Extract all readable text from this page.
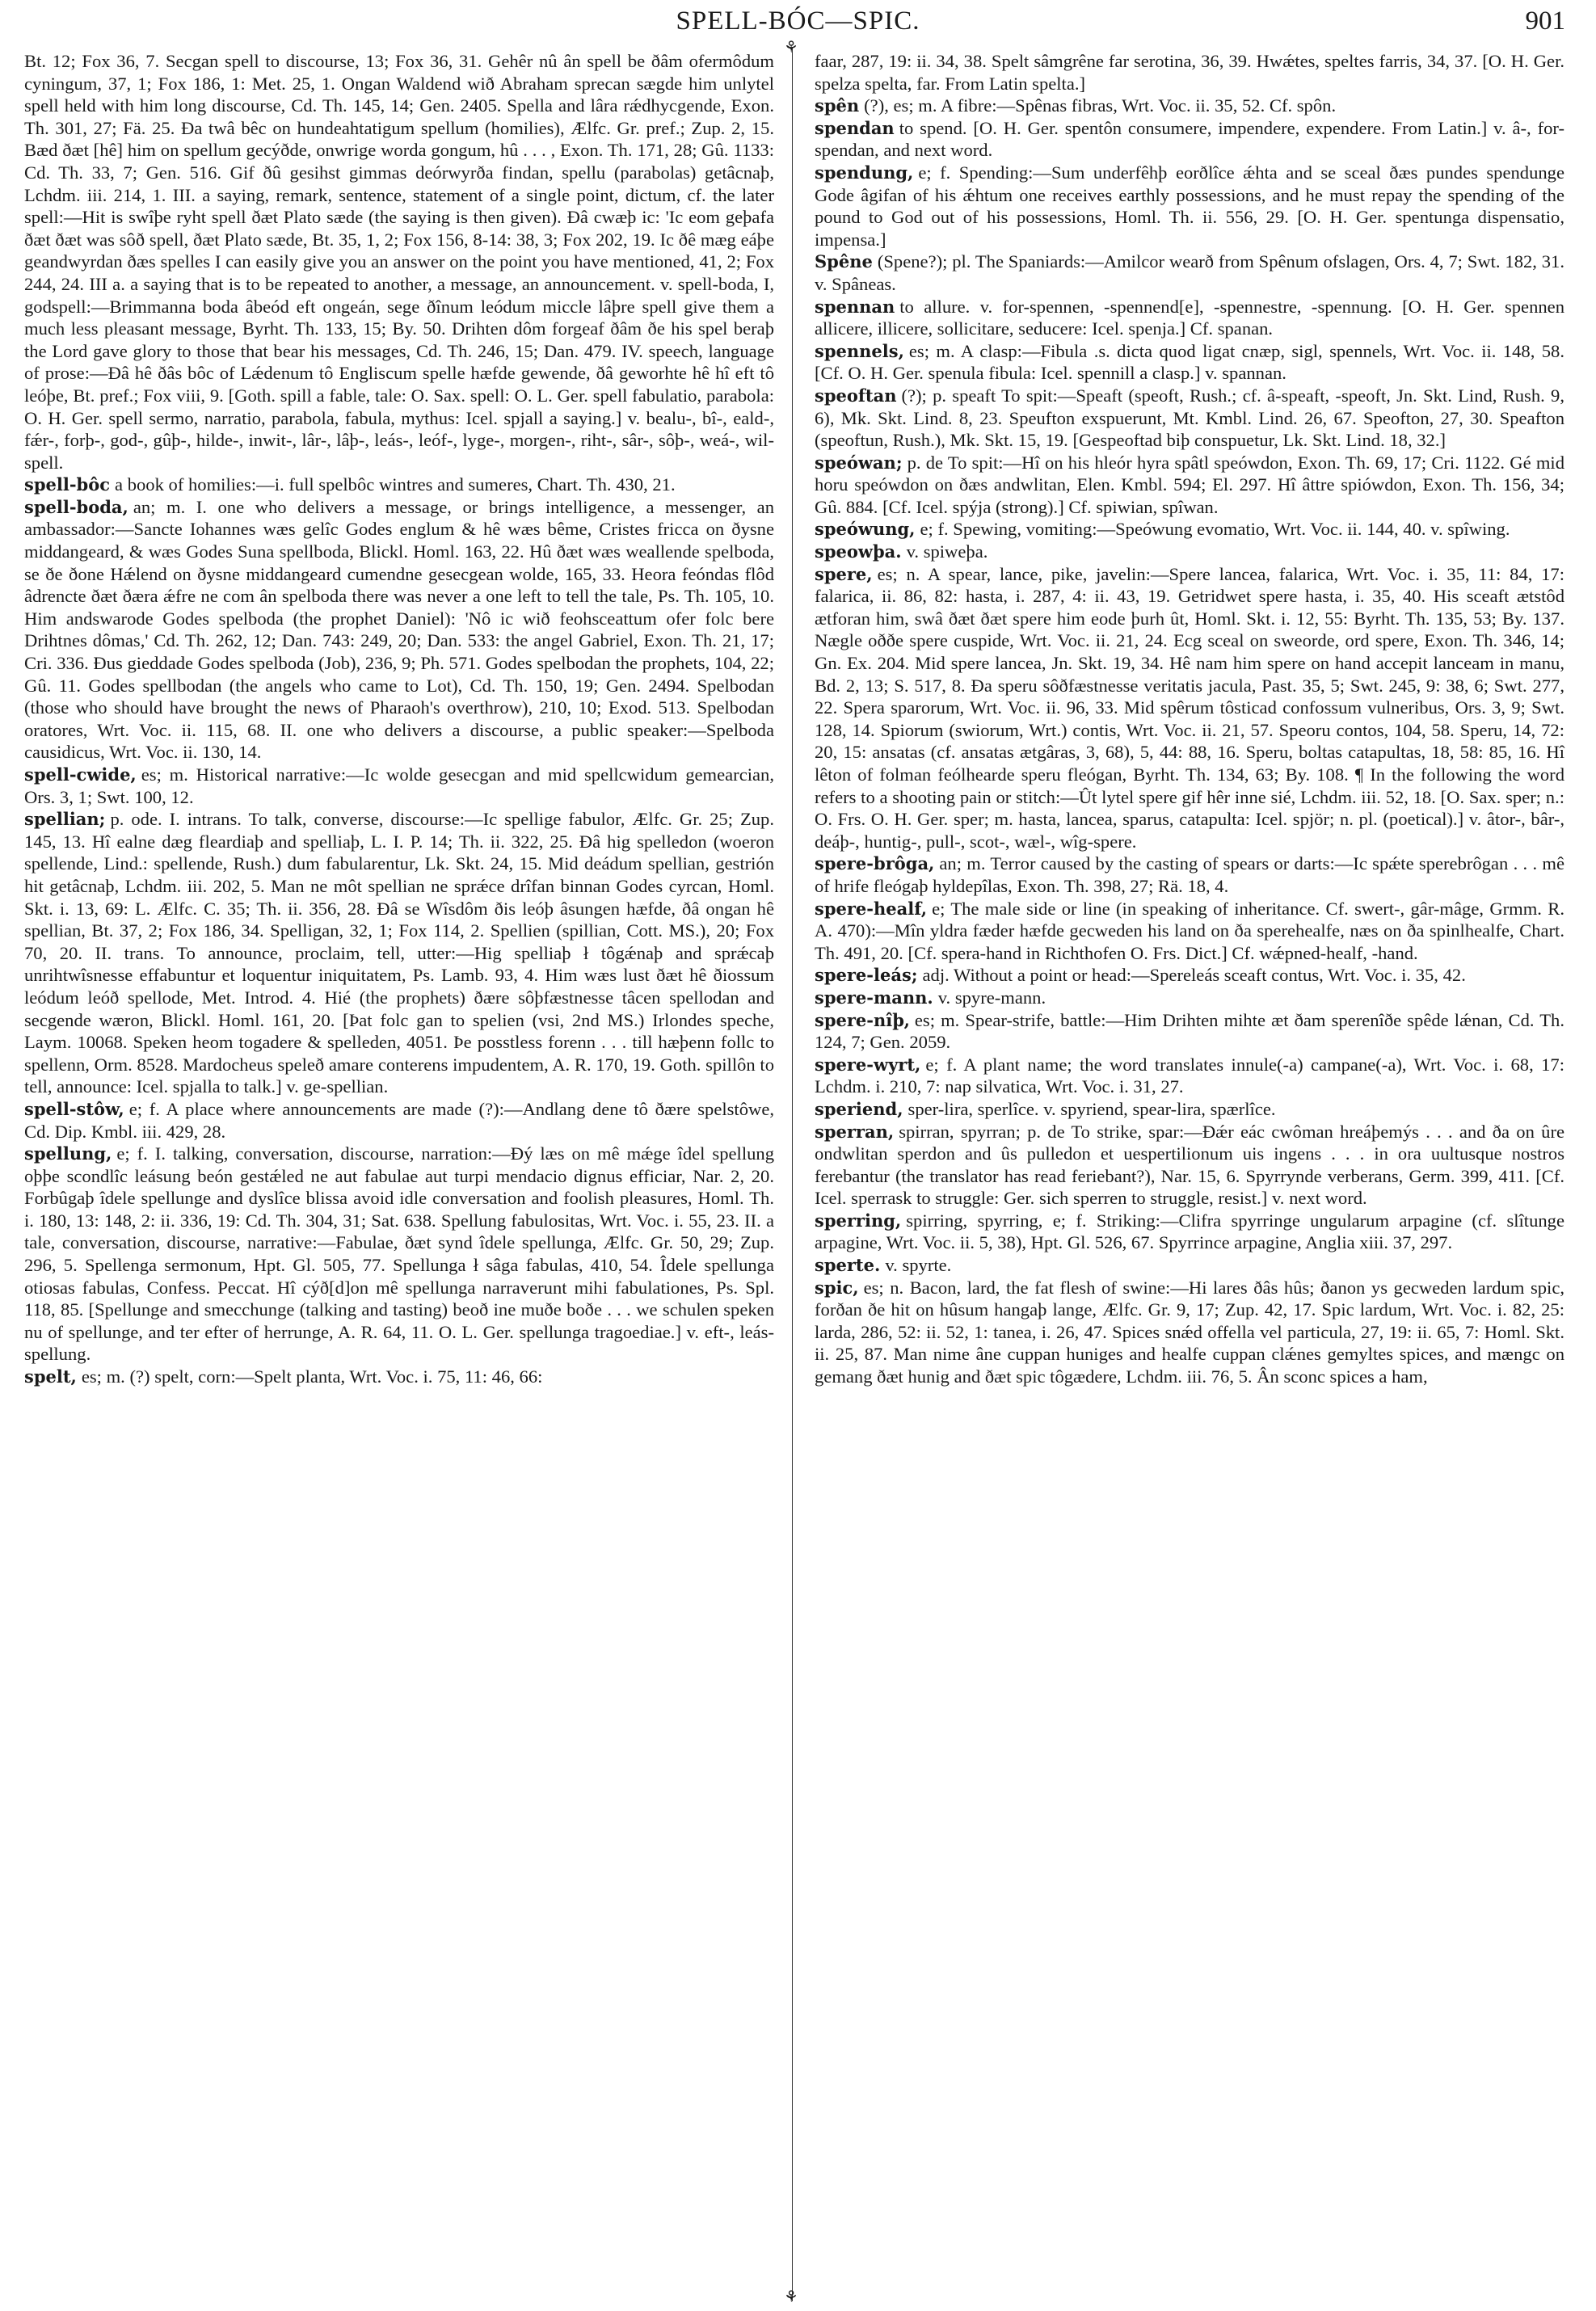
SPELL-BÓC—SPIC.	901

Bt. 12; Fox 36, 7. Secgan spell to discourse, 13; Fox 36, 31. Gehêr nû ân spell be ðâm ofermôdum cyningum, 37, 1; Fox 186, 1: Met. 25, 1. Ongan Waldend wið Abraham sprecan sægde him unlytel spell held with him long discourse, Cd. Th. 145, 14; Gen. 2405. Spella and lâra rǽdhycgende, Exon. Th. 301, 27; Fä. 25. Ða twâ bêc on hundeahtatigum spellum (homilies), Ælfc. Gr. pref.; Zup. 2, 15. Bæd ðæt [hê] him on spellum gecýðde, onwrige worda gongum, hû . . . , Exon. Th. 171, 28; Gû. 1133: Cd. Th. 33, 7; Gen. 516. Gif ðû gesihst gimmas deórwyrða findan, spellu (parabolas) getâcnaþ, Lchdm. iii. 214, 1. III. a saying, remark, sentence, statement of a single point, dictum, cf. the later spell:—Hit is swîþe ryht spell ðæt Plato sæde (the saying is then given). Ðâ cwæþ ic: 'Ic eom geþafa ðæt ðæt was sôð spell, ðæt Plato sæde, Bt. 35, 1, 2; Fox 156, 8-14: 38, 3; Fox 202, 19. Ic ðê mæg eáþe geandwyrdan ðæs spelles I can easily give you an answer on the point you have mentioned, 41, 2; Fox 244, 24. III a. a saying that is to be repeated to another, a message, an announcement. v. spell-boda, I, godspell:—Brimmanna boda âbeód eft ongeán, sege ðînum leódum miccle lâþre spell give them a much less pleasant message, Byrht. Th. 133, 15; By. 50. Drihten dôm forgeaf ðâm ðe his spel beraþ the Lord gave glory to those that bear his messages, Cd. Th. 246, 15; Dan. 479. IV. speech, language of prose:—Ðâ hê ðâs bôc of Lǽdenum tô Engliscum spelle hæfde gewende, ðâ geworhte hê hî eft tô leóþe, Bt. pref.; Fox viii, 9. [Goth. spill a fable, tale: O. Sax. spell: O. L. Ger. spell fabulatio, parabola: O. H. Ger. spell sermo, narratio, parabola, fabula, mythus: Icel. spjall a saying.] v. bealu-, bî-, eald-, fǽr-, forþ-, god-, gûþ-, hilde-, inwit-, lâr-, lâþ-, leás-, leóf-, lyge-, morgen-, riht-, sâr-, sôþ-, weá-, wil-spell.

spell-bôc a book of homilies:—i. full spelbôc wintres and sumeres, Chart. Th. 430, 21.

spell-boda, an; m. I. one who delivers a message, or brings intelligence, a messenger, an ambassador:—Sancte Iohannes wæs gelîc Godes englum & hê wæs bême, Cristes fricca on ðysne middangeard, & wæs Godes Suna spellboda, Blickl. Homl. 163, 22. Hû ðæt wæs weallende spelboda, se ðe ðone Hǽlend on ðysne middangeard cumendne gesecgean wolde, 165, 33. Heora feóndas flôd âdrencte ðæt ðæra ǽfre ne com ân spelboda there was never a one left to tell the tale, Ps. Th. 105, 10. Him andswarode Godes spelboda (the prophet Daniel): 'Nô ic wið feohsceattum ofer folc bere Drihtnes dômas,' Cd. Th. 262, 12; Dan. 743: 249, 20; Dan. 533: the angel Gabriel, Exon. Th. 21, 17; Cri. 336. Ðus gieddade Godes spelboda (Job), 236, 9; Ph. 571. Godes spelbodan the prophets, 104, 22; Gû. 11. Godes spellbodan (the angels who came to Lot), Cd. Th. 150, 19; Gen. 2494. Spelbodan (those who should have brought the news of Pharaoh's overthrow), 210, 10; Exod. 513. Spelbodan oratores, Wrt. Voc. ii. 115, 68. II. one who delivers a discourse, a public speaker:—Spelboda causidicus, Wrt. Voc. ii. 130, 14.

spell-cwide, es; m. Historical narrative:—Ic wolde gesecgan and mid spellcwidum gemearcian, Ors. 3, 1; Swt. 100, 12.

spellian; p. ode. I. intrans. To talk, converse, discourse:—Ic spellige fabulor, Ælfc. Gr. 25; Zup. 145, 13. Hî ealne dæg fleardiaþ and spelliaþ, L. I. P. 14; Th. ii. 322, 25. Ðâ hig spelledon (woeron spellende, Lind.: spellende, Rush.) dum fabularentur, Lk. Skt. 24, 15. Mid deádum spellian, gestrión hit getâcnaþ, Lchdm. iii. 202, 5. Man ne môt spellian ne sprǽce drîfan binnan Godes cyrcan, Homl. Skt. i. 13, 69: L. Ælfc. C. 35; Th. ii. 356, 28. Ðâ se Wîsdôm ðis leóþ âsungen hæfde, ðâ ongan hê spellian, Bt. 37, 2; Fox 186, 34. Spelligan, 32, 1; Fox 114, 2. Spellien (spillian, Cott. MS.), 20; Fox 70, 20. II. trans. To announce, proclaim, tell, utter:—Hig spelliaþ ł tôgǽnaþ and sprǽcaþ unrihtwîsnesse effabuntur et loquentur iniquitatem, Ps. Lamb. 93, 4. Him wæs lust ðæt hê ðiossum leódum leóð spellode, Met. Introd. 4. Hié (the prophets) ðære sôþfæstnesse tâcen spellodan and secgende wæron, Blickl. Homl. 161, 20. [Þat folc gan to spelien (vsi, 2nd MS.) Irlondes speche, Laym. 10068. Speken heom togadere & spelleden, 4051. Þe posstless forenn . . . till hæþenn follc to spellenn, Orm. 8528. Mardocheus speleð amare conterens impudentem, A. R. 170, 19. Goth. spillôn to tell, announce: Icel. spjalla to talk.] v. ge-spellian.

spell-stôw, e; f. A place where announcements are made (?):—Andlang dene tô ðære spelstôwe, Cd. Dip. Kmbl. iii. 429, 28.

spellung, e; f. I. talking, conversation, discourse, narration:—Ðý læs on mê mǽge îdel spellung oþþe scondlîc leásung beón gestǽled ne aut fabulae aut turpi mendacio dignus efficiar, Nar. 2, 20. Forbûgaþ îdele spellunge and dyslîce blissa avoid idle conversation and foolish pleasures, Homl. Th. i. 180, 13: 148, 2: ii. 336, 19: Cd. Th. 304, 31; Sat. 638. Spellung fabulositas, Wrt. Voc. i. 55, 23. II. a tale, conversation, discourse, narrative:—Fabulae, ðæt synd îdele spellunga, Ælfc. Gr. 50, 29; Zup. 296, 5. Spellenga sermonum, Hpt. Gl. 505, 77. Spellunga ł sâga fabulas, 410, 54. Îdele spellunga otiosas fabulas, Confess. Peccat. Hî cýð[d]on mê spellunga narraverunt mihi fabulationes, Ps. Spl. 118, 85. [Spellunge and smecchunge (talking and tasting) beoð ine muðe boðe . . . we schulen speken nu of spellunge, and ter efter of herrunge, A. R. 64, 11. O. L. Ger. spellunga tragoediae.] v. eft-, leás-spellung.

spelt, es; m. (?) spelt, corn:—Spelt planta, Wrt. Voc. i. 75, 11: 46, 66:

⚘
⚘

faar, 287, 19: ii. 34, 38. Spelt sâmgrêne far serotina, 36, 39. Hwǽtes, speltes farris, 34, 37. [O. H. Ger. spelza spelta, far. From Latin spelta.]

spên (?), es; m. A fibre:—Spênas fibras, Wrt. Voc. ii. 35, 52. Cf. spôn.

spendan to spend. [O. H. Ger. spentôn consumere, impendere, expendere. From Latin.] v. â-, for-spendan, and next word.

spendung, e; f. Spending:—Sum underfêhþ eorðlîce ǽhta and se sceal ðæs pundes spendunge Gode âgifan of his ǽhtum one receives earthly possessions, and he must repay the spending of the pound to God out of his possessions, Homl. Th. ii. 556, 29. [O. H. Ger. spentunga dispensatio, impensa.]

Spêne (Spene?); pl. The Spaniards:—Amilcor wearð from Spênum ofslagen, Ors. 4, 7; Swt. 182, 31. v. Spâneas.

spennan to allure. v. for-spennen, -spennend[e], -spennestre, -spennung. [O. H. Ger. spennen allicere, illicere, sollicitare, seducere: Icel. spenja.] Cf. spanan.

spennels, es; m. A clasp:—Fibula .s. dicta quod ligat cnæp, sigl, spennels, Wrt. Voc. ii. 148, 58. [Cf. O. H. Ger. spenula fibula: Icel. spennill a clasp.] v. spannan.

speoftan (?); p. speaft To spit:—Speaft (speoft, Rush.; cf. â-speaft, -speoft, Jn. Skt. Lind, Rush. 9, 6), Mk. Skt. Lind. 8, 23. Speufton exspuerunt, Mt. Kmbl. Lind. 26, 67. Speofton, 27, 30. Speafton (speoftun, Rush.), Mk. Skt. 15, 19. [Gespeoftad biþ conspuetur, Lk. Skt. Lind. 18, 32.]

speówan; p. de To spit:—Hî on his hleór hyra spâtl speówdon, Exon. Th. 69, 17; Cri. 1122. Gé mid horu speówdon on ðæs andwlitan, Elen. Kmbl. 594; El. 297. Hî âttre spiówdon, Exon. Th. 156, 34; Gû. 884. [Cf. Icel. spýja (strong).] Cf. spiwian, spîwan.

speówung, e; f. Spewing, vomiting:—Speówung evomatio, Wrt. Voc. ii. 144, 40. v. spîwing.

speowþa. v. spiweþa.

spere, es; n. A spear, lance, pike, javelin:—Spere lancea, falarica, Wrt. Voc. i. 35, 11: 84, 17: falarica, ii. 86, 82: hasta, i. 287, 4: ii. 43, 19. Getridwet spere hasta, i. 35, 40. His sceaft ætstôd ætforan him, swâ ðæt ðæt spere him eode þurh ût, Homl. Skt. i. 12, 55: Byrht. Th. 135, 53; By. 137. Nægle oððe spere cuspide, Wrt. Voc. ii. 21, 24. Ecg sceal on sweorde, ord spere, Exon. Th. 346, 14; Gn. Ex. 204. Mid spere lancea, Jn. Skt. 19, 34. Hê nam him spere on hand accepit lanceam in manu, Bd. 2, 13; S. 517, 8. Ða speru sôðfæstnesse veritatis jacula, Past. 35, 5; Swt. 245, 9: 38, 6; Swt. 277, 22. Spera sparorum, Wrt. Voc. ii. 96, 33. Mid spêrum tôsticad confossum vulneribus, Ors. 3, 9; Swt. 128, 14. Spiorum (swiorum, Wrt.) contis, Wrt. Voc. ii. 21, 57. Speoru contos, 104, 58. Speru, 14, 72: 20, 15: ansatas (cf. ansatas ætgâras, 3, 68), 5, 44: 88, 16. Speru, boltas catapultas, 18, 58: 85, 16. Hî lêton of folman feólhearde speru fleógan, Byrht. Th. 134, 63; By. 108. ¶ In the following the word refers to a shooting pain or stitch:—Ût lytel spere gif hêr inne sié, Lchdm. iii. 52, 18. [O. Sax. sper; n.: O. Frs. O. H. Ger. sper; m. hasta, lancea, sparus, catapulta: Icel. spjör; n. pl. (poetical).] v. âtor-, bâr-, deáþ-, huntig-, pull-, scot-, wæl-, wîg-spere.

spere-brôga, an; m. Terror caused by the casting of spears or darts:—Ic spǽte sperebrôgan . . . mê of hrife fleógaþ hyldepîlas, Exon. Th. 398, 27; Rä. 18, 4.

spere-healf, e; The male side or line (in speaking of inheritance. Cf. swert-, gâr-mâge, Grmm. R. A. 470):—Mîn yldra fæder hæfde gecweden his land on ða sperehealfe, næs on ða spinlhealfe, Chart. Th. 491, 20. [Cf. spera-hand in Richthofen O. Frs. Dict.] Cf. wǽpned-healf, -hand.

spere-leás; adj. Without a point or head:—Spereleás sceaft contus, Wrt. Voc. i. 35, 42.

spere-mann. v. spyre-mann.

spere-nîþ, es; m. Spear-strife, battle:—Him Drihten mihte æt ðam sperenîðe spêde lǽnan, Cd. Th. 124, 7; Gen. 2059.

spere-wyrt, e; f. A plant name; the word translates innule(-a) campane(-a), Wrt. Voc. i. 68, 17: Lchdm. i. 210, 7: nap silvatica, Wrt. Voc. i. 31, 27.

speriend, sper-lira, sperlîce. v. spyriend, spear-lira, spærlîce.

sperran, spirran, spyrran; p. de To strike, spar:—Ðǽr eác cwôman hreáþemýs . . . and ða on ûre ondwlitan sperdon and ûs pulledon et uespertilionum uis ingens . . . in ora uultusque nostros ferebantur (the translator has read feriebant?), Nar. 15, 6. Spyrrynde verberans, Germ. 399, 411. [Cf. Icel. sperrask to struggle: Ger. sich sperren to struggle, resist.] v. next word.

sperring, spirring, spyrring, e; f. Striking:—Clifra spyrringe ungularum arpagine (cf. slîtunge arpagine, Wrt. Voc. ii. 5, 38), Hpt. Gl. 526, 67. Spyrrince arpagine, Anglia xiii. 37, 297.

sperte. v. spyrte.

spic, es; n. Bacon, lard, the fat flesh of swine:—Hi lares ðâs hûs; ðanon ys gecweden lardum spic, forðan ðe hit on hûsum hangaþ lange, Ælfc. Gr. 9, 17; Zup. 42, 17. Spic lardum, Wrt. Voc. i. 82, 25: larda, 286, 52: ii. 52, 1: tanea, i. 26, 47. Spices snǽd offella vel particula, 27, 19: ii. 65, 7: Homl. Skt. ii. 25, 87. Man nime âne cuppan huniges and healfe cuppan clǽnes gemyltes spices, and mængc on gemang ðæt hunig and ðæt spic tôgædere, Lchdm. iii. 76, 5. Ân sconc spices a ham,
